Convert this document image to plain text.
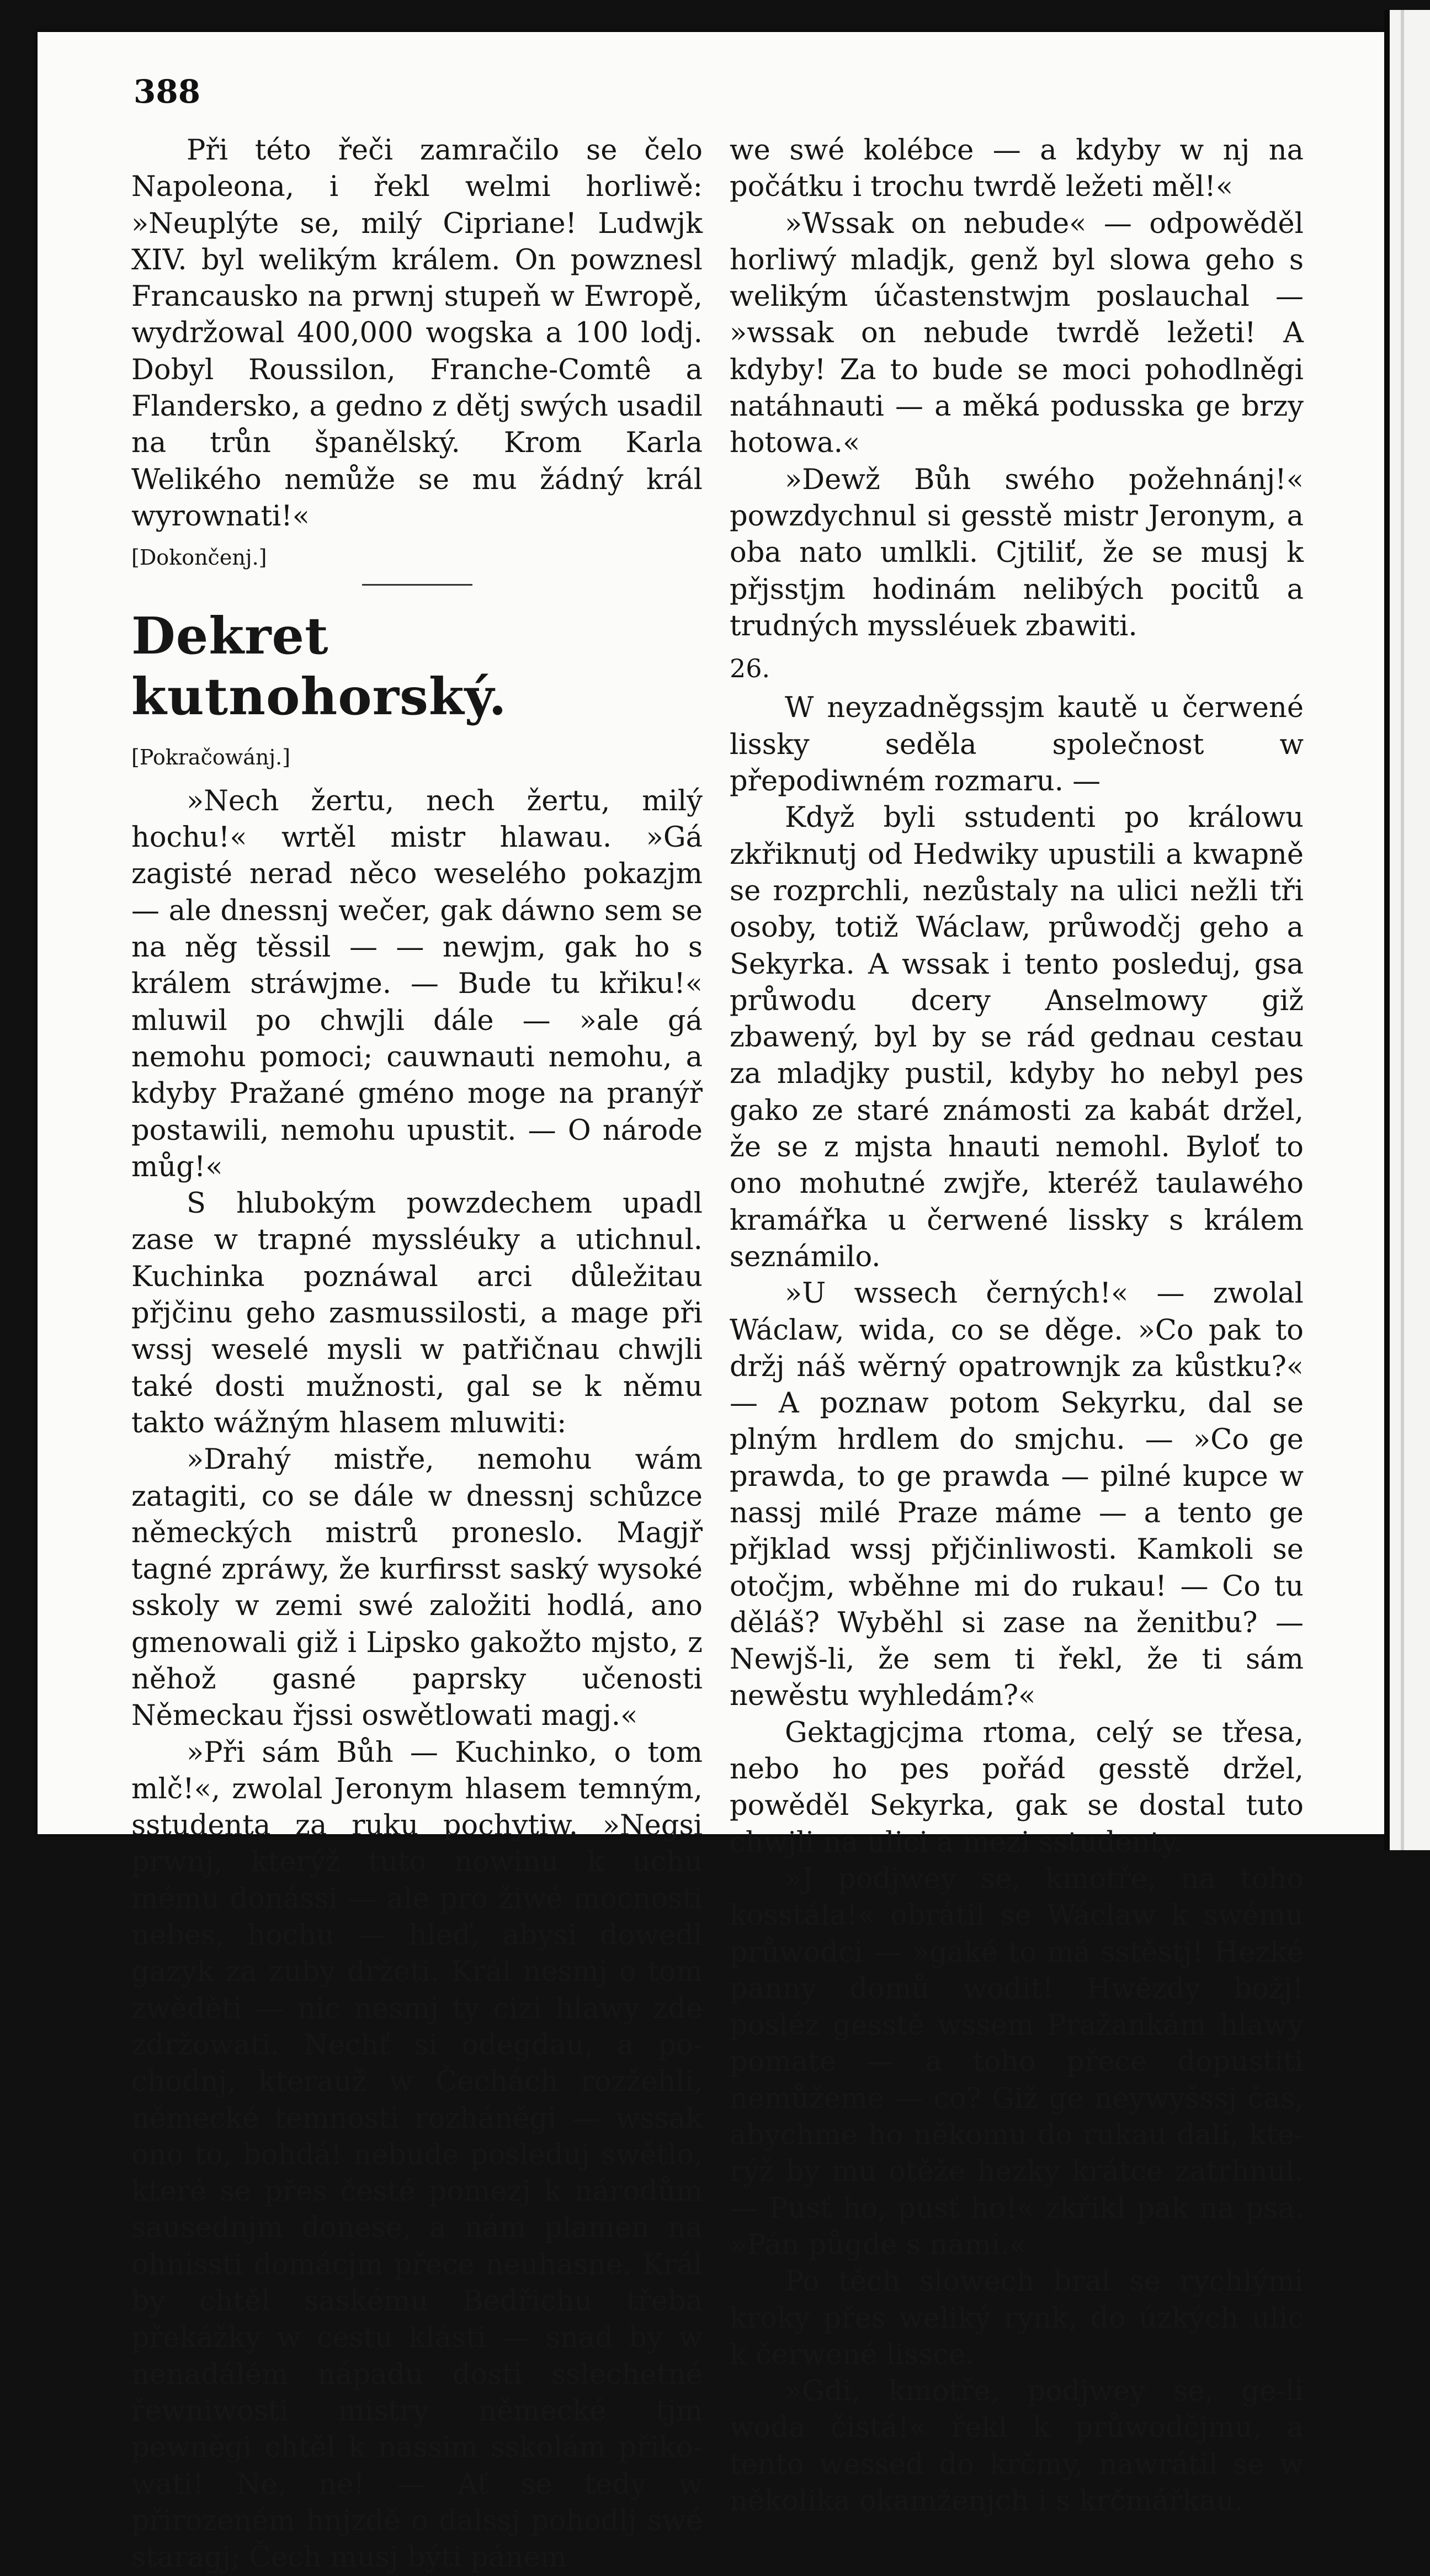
388

Při této řeči zamračilo se čelo Napoleona, i řekl welmi horliwě: »Neuplýte se, milý Cipriane! Ludwjk XIV. byl welikým králem. On powznesl Francausko na prwnj stupeň w Ewropě, wydržowal 400,000 wogska a 100 lodj. Dobyl Roussilon, Franche-Comtê a Flandersko, a gedno z dětj swých usadil na trůn španělský. Krom Karla Welikého nemůže se mu žádný král wyrownati!«

[Dokončenj.]

Dekret kutnohorský.

[Pokračowánj.]

»Nech žertu, nech žertu, milý hochu!« wrtěl mistr hlawau. »Gá zagisté nerad něco weselého pokazjm — ale dnessnj wečer, gak dáwno sem se na něg těssil — — newjm, gak ho s králem stráwjme. — Bude tu křiku!« mluwil po chwjli dále — »ale gá nemohu pomoci; cauwnauti nemohu, a kdyby Pražané gméno moge na pranýř postawili, nemohu upustit. — O národe můg!«

S hlubokým powzdechem upadl zase w trapné myssléuky a utichnul. Kuchinka poznáwal arci důležitau přjčinu geho zasmussilosti, a mage při wssj weselé mysli w patřičnau chwjli také dosti mužnosti, gal se k němu takto wážným hlasem mluwiti:

»Drahý mistře, nemohu wám zatagiti, co se dále w dnessnj schůzce německých mistrů proneslo. Magjř tagné zpráwy, že kurfirsst saský wysoké sskoly w zemi swé založiti hodlá, ano gmenowali giž i Lipsko gakožto mjsto, z něhož gasné paprsky učenosti Německau řjssi oswětlowati magj.«

»Při sám Bůh — Kuchinko, o tom mlč!«, zwolal Jeronym hlasem temným, sstudenta za ruku pochytiw. »Negsi prwnj, kterýž tuto nowinu k uchu mému donássi — ale pro žiwé mocnosti nebes, hochu — hleď, abysi dowedl gazyk za zuby držeti. Král nesmj o tom zwěděti — nic nesmj ty cizi hlawy zde zdržowati. Nechť si odegdau, a pochodnj, kterauž w Čechách rozžehli, německé temnosti rozháněgi — wssak ono to, bohdá! nebude posleduj swětlo, které se přes česté pomezj k národům sausednjm donese, a nám plamen na ohnissti domácjm přece neuhasne. Král by chtěl saskému Bedřichu třeba překážky w cestu klásti — snad by w nenadálém nápadu dosti sslechetné řewniwosti mistry německé tjm pewněgi chtěl k nassim sskolám přikowati! Ne, ne! — Ať se tedy w přirozeném hnjzdě o dalssj pohodlj swé staragj; Čech musj býti pánem

we swé kolébce — a kdyby w nj na počátku i trochu twrdě ležeti měl!«

»Wssak on nebude« — odpowěděl horliwý mladjk, genž byl slowa geho s welikým účastenstwjm poslauchal — »wssak on nebude twrdě ležeti! A kdyby! Za to bude se moci pohodlněgi natáhnauti — a měká podusska ge brzy hotowa.«

»Dewž Bůh swého požehnánj!« powzdychnul si gesstě mistr Jeronym, a oba nato umlkli. Cjtiliť, že se musj k přjsstjm hodinám nelibých pocitů a trudných myssléuek zbawiti.

26.

W neyzadněgssjm kautě u čerwené lissky seděla společnost w přepodiwném rozmaru. —

Když byli sstudenti po králowu zkřiknutj od Hedwiky upustili a kwapně se rozprchli, nezůstaly na ulici nežli tři osoby, totiž Wáclaw, průwodčj geho a Sekyrka. A wssak i tento posleduj, gsa průwodu dcery Anselmowy giž zbawený, byl by se rád gednau cestau za mladjky pustil, kdyby ho nebyl pes gako ze staré známosti za kabát držel, že se z mjsta hnauti nemohl. Byloť to ono mohutné zwjře, kteréž taulawého kramářka u čerwené lissky s králem seznámilo.

»U wssech černých!« — zwolal Wáclaw, wida, co se děge. »Co pak to držj náš wěrný opatrownjk za kůstku?« — A poznaw potom Sekyrku, dal se plným hrdlem do smjchu. — »Co ge prawda, to ge prawda — pilné kupce w nassj milé Praze máme — a tento ge přjklad wssj přjčinliwosti. Kamkoli se otočjm, wběhne mi do rukau! — Co tu děláš? Wyběhl si zase na ženitbu? — Newjš-li, že sem ti řekl, že ti sám newěstu wyhledám?«

Gektagjcjma rtoma, celý se třesa, nebo ho pes pořád gesstě držel, powěděl Sekyrka, gak se dostal tuto chwjli na ulici a mezi sstudenty.

»J podjwey se, kmotře, na toho kosstála!« obrátil se Wáclaw k swému průwodci — »gaké to má sstěstj! Hezké panny domů wodit! Hwězdy božj! posléz gesstě wssem Pražankám hlawy pomate — a toho přece dopustiti nemůžeme — co? Giž ge neywyšssj čas, abychme ho někomu do rukau dali, kterýž by mu otěže hezky krátce zatrhnul. — Pusť ho, pusť ho!« zkřikl pak na psa. »Pán půgde s námi.«

Po těch slowech bral se rychlými kroky přes weliký rynk, do úzkých ulic k čerwené lissce.

»Gdi, kmotře, podjwey se, ge-li woda čistá!« řekl k průwodčjmu, a tento wessed do krčmy, nawrátil se w několika okamženjch i s krčmářkau.
